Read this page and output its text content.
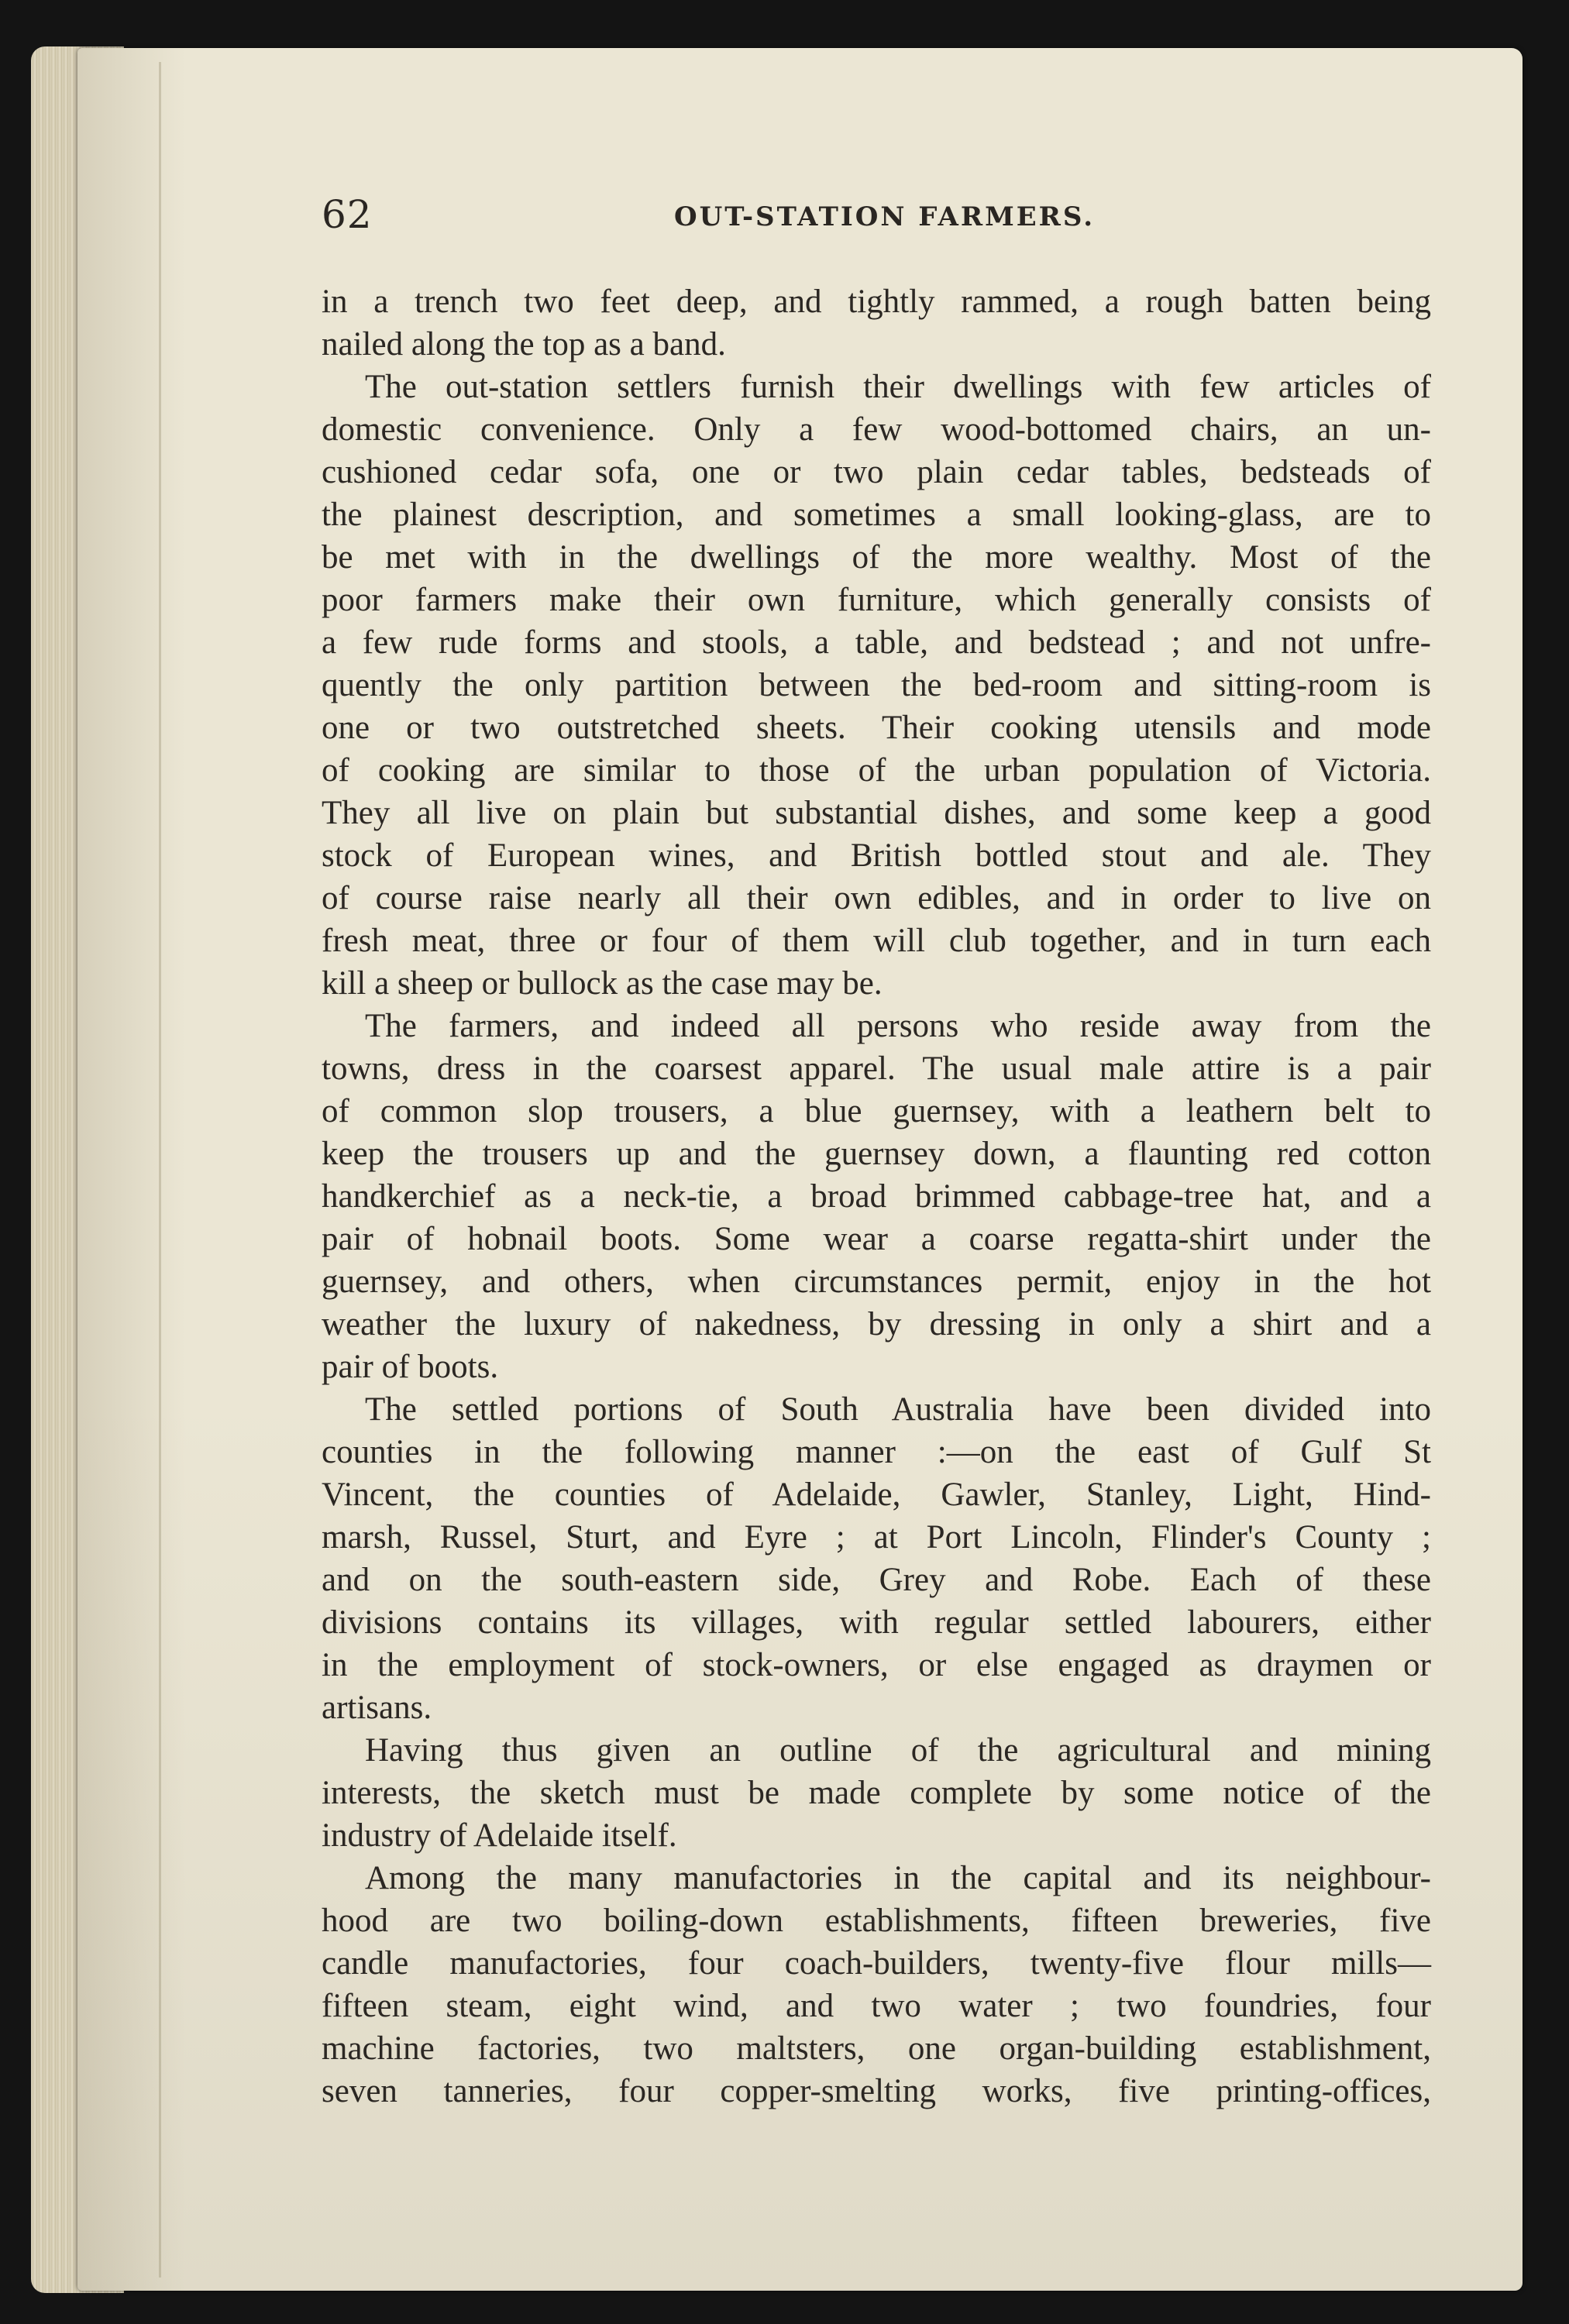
62	OUT-STATION FARMERS.
in a trench two feet deep, and tightly rammed, a rough batten being
nailed along the top as a band.
The out-station settlers furnish their dwellings with few articles of
domestic convenience. Only a few wood-bottomed chairs, an un-
cushioned cedar sofa, one or two plain cedar tables, bedsteads of
the plainest description, and sometimes a small looking-glass, are to
be met with in the dwellings of the more wealthy. Most of the
poor farmers make their own furniture, which generally consists of
a few rude forms and stools, a table, and bedstead ; and not unfre-
quently the only partition between the bed-room and sitting-room is
one or two outstretched sheets. Their cooking utensils and mode
of cooking are similar to those of the urban population of Victoria.
They all live on plain but substantial dishes, and some keep a good
stock of European wines, and British bottled stout and ale. They
of course raise nearly all their own edibles, and in order to live on
fresh meat, three or four of them will club together, and in turn each
kill a sheep or bullock as the case may be.
The farmers, and indeed all persons who reside away from the
towns, dress in the coarsest apparel. The usual male attire is a pair
of common slop trousers, a blue guernsey, with a leathern belt to
keep the trousers up and the guernsey down, a flaunting red cotton
handkerchief as a neck-tie, a broad brimmed cabbage-tree hat, and a
pair of hobnail boots. Some wear a coarse regatta-shirt under the
guernsey, and others, when circumstances permit, enjoy in the hot
weather the luxury of nakedness, by dressing in only a shirt and a
pair of boots.
The settled portions of South Australia have been divided into
counties in the following manner :—on the east of Gulf St
Vincent, the counties of Adelaide, Gawler, Stanley, Light, Hind-
marsh, Russel, Sturt, and Eyre ; at Port Lincoln, Flinder's County ;
and on the south-eastern side, Grey and Robe. Each of these
divisions contains its villages, with regular settled labourers, either
in the employment of stock-owners, or else engaged as draymen or
artisans.
Having thus given an outline of the agricultural and mining
interests, the sketch must be made complete by some notice of the
industry of Adelaide itself.
Among the many manufactories in the capital and its neighbour-
hood are two boiling-down establishments, fifteen breweries, five
candle manufactories, four coach-builders, twenty-five flour mills—
fifteen steam, eight wind, and two water ; two foundries, four
machine factories, two maltsters, one organ-building establishment,
seven tanneries, four copper-smelting works, five printing-offices,
